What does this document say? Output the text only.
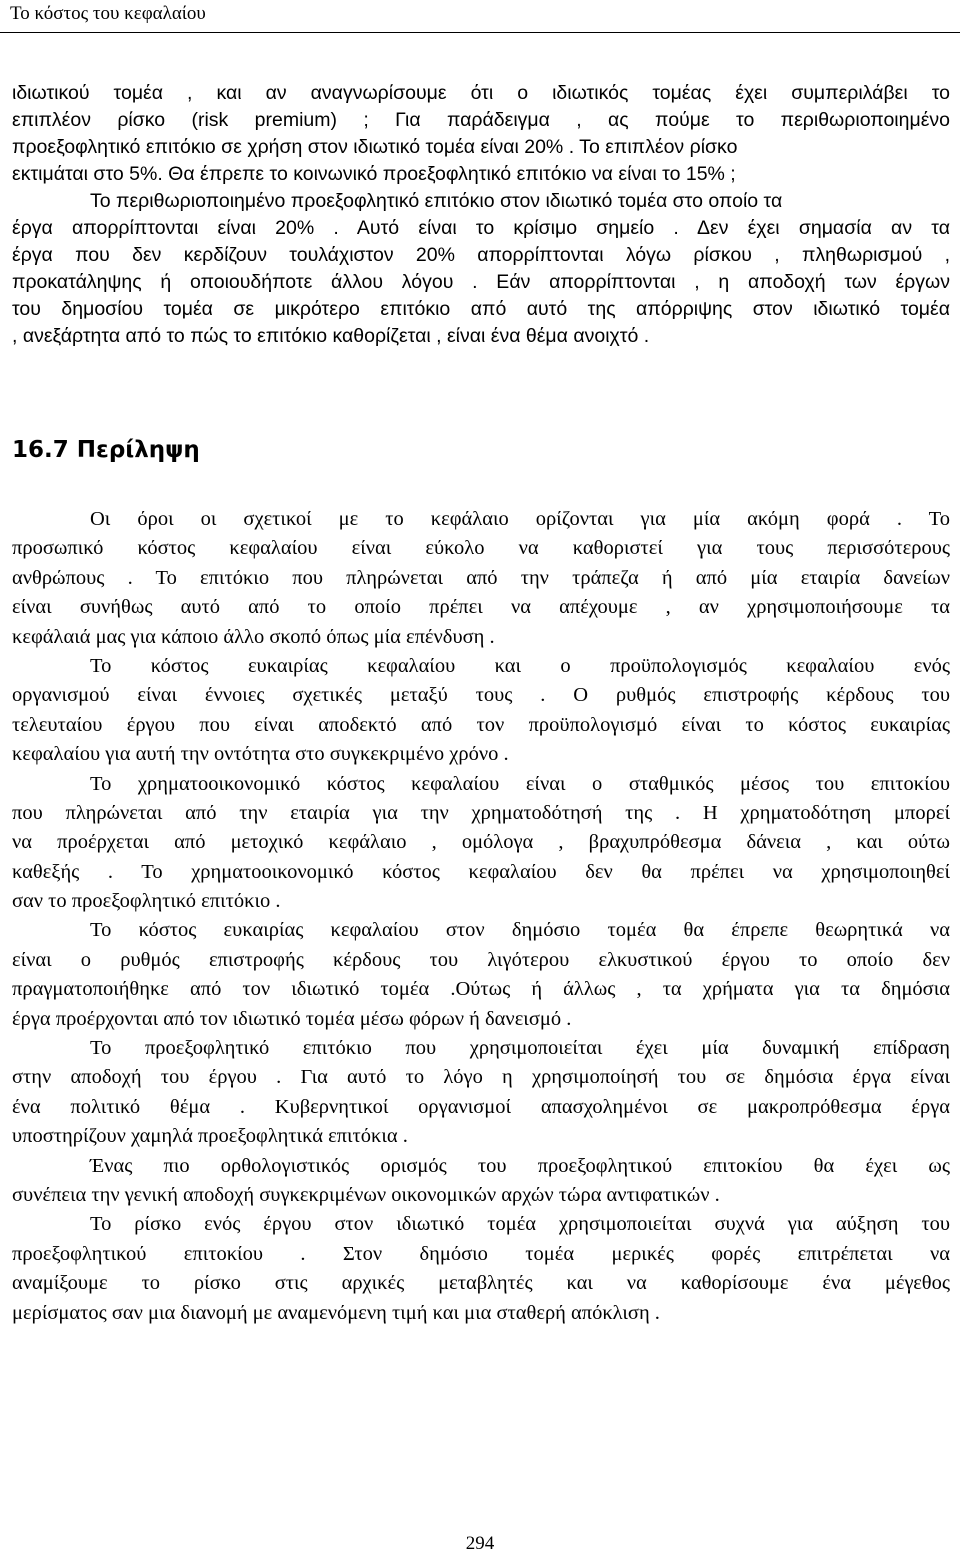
Το κόστος του κεφαλαίου
ιδιωτικού τομέα , και αν αναγνωρίσουμε ότι ο ιδιωτικός τομέας έχει συμπεριλάβει το
επιπλέον ρίσκο (risk premium) ; Για παράδειγμα , ας πούμε το περιθωριοποιημένο
προεξοφλητικό επιτόκιο σε χρήση στον ιδιωτικό τομέα είναι 20% . Το επιπλέον ρίσκο
εκτιμάται στο 5%. Θα έπρεπε το κοινωνικό προεξοφλητικό επιτόκιο να είναι το 15% ;
Το περιθωριοποιημένο προεξοφλητικό επιτόκιο στον ιδιωτικό τομέα στο οποίο τα
έργα απορρίπτονται είναι 20% . Αυτό είναι το κρίσιμο σημείο . Δεν έχει σημασία αν τα
έργα που δεν κερδίζουν τουλάχιστον 20% απορρίπτονται λόγω ρίσκου , πληθωρισμού ,
προκατάληψης ή οποιουδήποτε άλλου λόγου . Εάν απορρίπτονται , η αποδοχή των έργων
του δημοσίου τομέα σε μικρότερο επιτόκιο από αυτό της απόρριψης στον ιδιωτικό τομέα
, ανεξάρτητα από το πώς το επιτόκιο καθορίζεται , είναι ένα θέμα ανοιχτό .
16.7 Περίληψη
Οι όροι οι σχετικοί με το κεφάλαιο ορίζονται για μία ακόμη φορά . Το
προσωπικό κόστος κεφαλαίου είναι εύκολο να καθοριστεί για τους περισσότερους
ανθρώπους . Το επιτόκιο που πληρώνεται από την τράπεζα ή από μία εταιρία δανείων
είναι συνήθως αυτό από το οποίο πρέπει να απέχουμε , αν χρησιμοποιήσουμε τα
κεφάλαιά μας για κάποιο άλλο σκοπό όπως μία επένδυση .
Το κόστος ευκαιρίας κεφαλαίου και ο προϋπολογισμός κεφαλαίου ενός
οργανισμού είναι έννοιες σχετικές μεταξύ τους . Ο ρυθμός επιστροφής κέρδους του
τελευταίου έργου που είναι αποδεκτό από τον προϋπολογισμό είναι το κόστος ευκαιρίας
κεφαλαίου για αυτή την οντότητα στο συγκεκριμένο χρόνο .
Το χρηματοοικονομικό κόστος κεφαλαίου είναι ο σταθμικός μέσος του επιτοκίου
που πληρώνεται από την εταιρία για την χρηματοδότησή της . Η χρηματοδότηση μπορεί
να προέρχεται από μετοχικό κεφάλαιο , ομόλογα , βραχυπρόθεσμα δάνεια , και ούτω
καθεξής . Το χρηματοοικονομικό κόστος κεφαλαίου δεν θα πρέπει να χρησιμοποιηθεί
σαν το προεξοφλητικό επιτόκιο .
Το κόστος ευκαιρίας κεφαλαίου στον δημόσιο τομέα θα έπρεπε θεωρητικά να
είναι ο ρυθμός επιστροφής κέρδους του λιγότερου ελκυστικού έργου το οποίο δεν
πραγματοποιήθηκε από τον ιδιωτικό τομέα .Ούτως ή άλλως , τα χρήματα για τα δημόσια
έργα προέρχονται από τον ιδιωτικό τομέα μέσω φόρων ή δανεισμό .
Το προεξοφλητικό επιτόκιο που χρησιμοποιείται έχει μία δυναμική επίδραση
στην αποδοχή του έργου . Για αυτό το λόγο η χρησιμοποίησή του σε δημόσια έργα είναι
ένα πολιτικό θέμα . Κυβερνητικοί οργανισμοί απασχολημένοι σε μακροπρόθεσμα έργα
υποστηρίζουν χαμηλά προεξοφλητικά επιτόκια .
Ένας πιο ορθολογιστικός ορισμός του προεξοφλητικού επιτοκίου θα έχει ως
συνέπεια την γενική αποδοχή συγκεκριμένων οικονομικών αρχών τώρα αντιφατικών .
Το ρίσκο ενός έργου στον ιδιωτικό τομέα χρησιμοποιείται συχνά για αύξηση του
προεξοφλητικού επιτοκίου . Στον δημόσιο τομέα μερικές φορές επιτρέπεται να
αναμίξουμε το ρίσκο στις αρχικές μεταβλητές και να καθορίσουμε ένα μέγεθος
μερίσματος σαν μια διανομή με αναμενόμενη τιμή και μια σταθερή απόκλιση .
294
